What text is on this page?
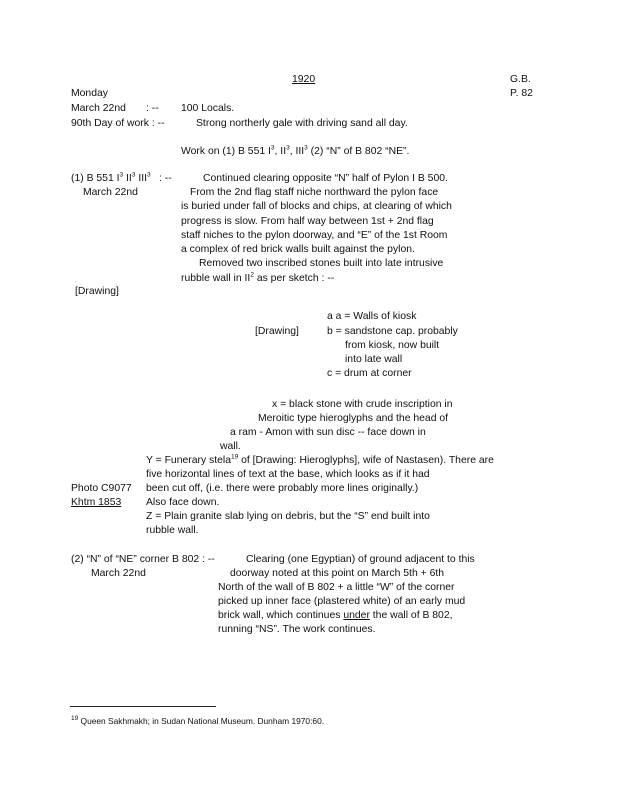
1920	G.B.
Monday	P. 82
March 22nd : -- 100 Locals.
90th Day of work : --	Strong northerly gale with driving sand all day.
Work on (1) B 551 $I^3$, $II^3$, III$^3$ (2) “N” of B 802 “NE”.
(1) B 551 $I^3$ $II^3$ III$^3$ : --
March 22nd
Continued clearing opposite “N” half of Pylon I B 500.
From the 2nd flag staff niche northward the pylon face
is buried under fall of blocks and chips, at clearing of which
progress is slow. From half way between 1st + 2nd flag
staff niches to the pylon doorway, and “E” of the 1st Room
a complex of red brick walls built against the pylon.
Removed two inscribed stones built into late intrusive
rubble wall in $II^2$ as per sketch : --
[Drawing]
[Drawing]
a a = Walls of kiosk
b = sandstone cap. probably
from kiosk, now built
into late wall
c = drum at corner
x = black stone with crude inscription in
Meroitic type hieroglyphs and the head of
a ram - Amon with sun disc -- face down in
wall.
Y = Funerary stela$^{19}$ of [Drawing: Hieroglyphs], wife of Nastasen). There are
five horizontal lines of text at the base, which looks as if it had
Photo C9077 been cut off, (i.e. there were probably more lines originally.)
Khtm 1853 Also face down.
Z = Plain granite slab lying on debris, but the “S” end built into
rubble wall.
(2) “N” of “NE” corner B 802 : --
March 22nd
Clearing (one Egyptian) of ground adjacent to this
doorway noted at this point on March 5th + 6th
North of the wall of B 802 + a little “W” of the corner
picked up inner face (plastered white) of an early mud
brick wall, which continues under the wall of B 802,
running “NS”. The work continues.
$^{19}$ Queen Sakhmakh; in Sudan National Museum. Dunham 1970:60.
